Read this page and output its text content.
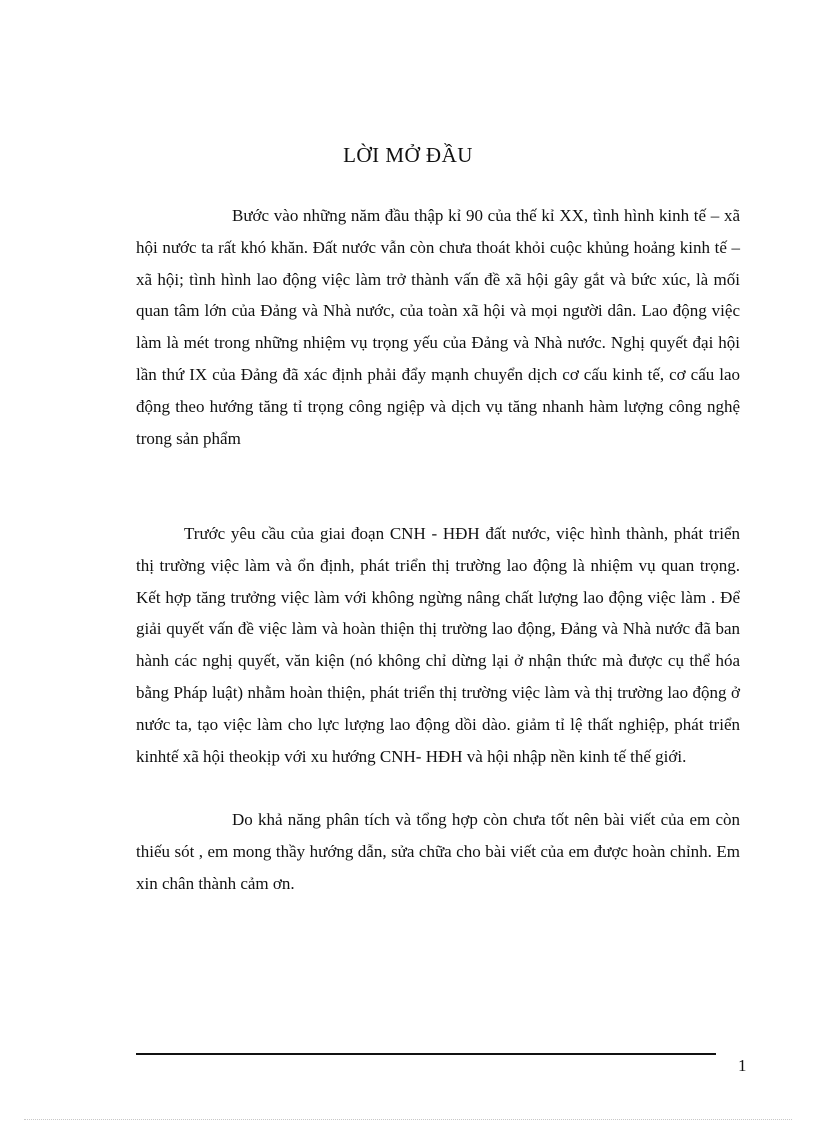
LỜI MỞ ĐẦU

Bước vào những năm đầu thập kỉ 90 của thế kỉ XX, tình hình kinh tế – xã hội nước ta rất khó khăn. Đất nước vẫn còn chưa thoát khỏi cuộc khủng hoảng kinh tế – xã hội; tình hình lao động việc làm trở thành vấn đề xã hội gây gắt và bức xúc, là mối quan tâm lớn của Đảng và Nhà nước, của toàn xã hội và mọi người dân. Lao động việc làm là mét trong những nhiệm vụ trọng yếu của Đảng và Nhà nước. Nghị quyết đại hội lần thứ IX của Đảng đã xác định phải đẩy mạnh chuyển dịch cơ cấu kinh tế, cơ cấu lao động theo hướng tăng tỉ trọng công ngiệp và dịch vụ tăng nhanh hàm lượng công nghệ trong sản phẩm

Trước yêu cầu của giai đoạn CNH - HĐH đất nước, việc hình thành, phát triển thị trường việc làm và ổn định, phát triển thị trường lao động là nhiệm vụ quan trọng. Kết hợp tăng trưởng việc làm với không ngừng nâng chất lượng lao động việc làm . Để giải quyết vấn đề việc làm và hoàn thiện thị trường lao động, Đảng và Nhà nước đã ban hành các nghị quyết, văn kiện (nó không chỉ dừng lại ở nhận thức mà được cụ thể hóa bằng Pháp luật) nhằm hoàn thiện, phát triển thị trường việc làm và thị trường lao động ở nước ta, tạo việc làm cho lực lượng lao động dồi dào. giảm tỉ lệ thất nghiệp, phát triển kinhtế xã hội theokịp với xu hướng CNH- HĐH và hội nhập nền kinh tế thế giới.

Do khả năng phân tích và tổng hợp còn chưa tốt nên bài viết của em còn thiếu sót , em mong thầy hướng dẫn, sửa chữa cho bài viết của em được hoàn chỉnh. Em xin chân thành cảm ơn.

1
